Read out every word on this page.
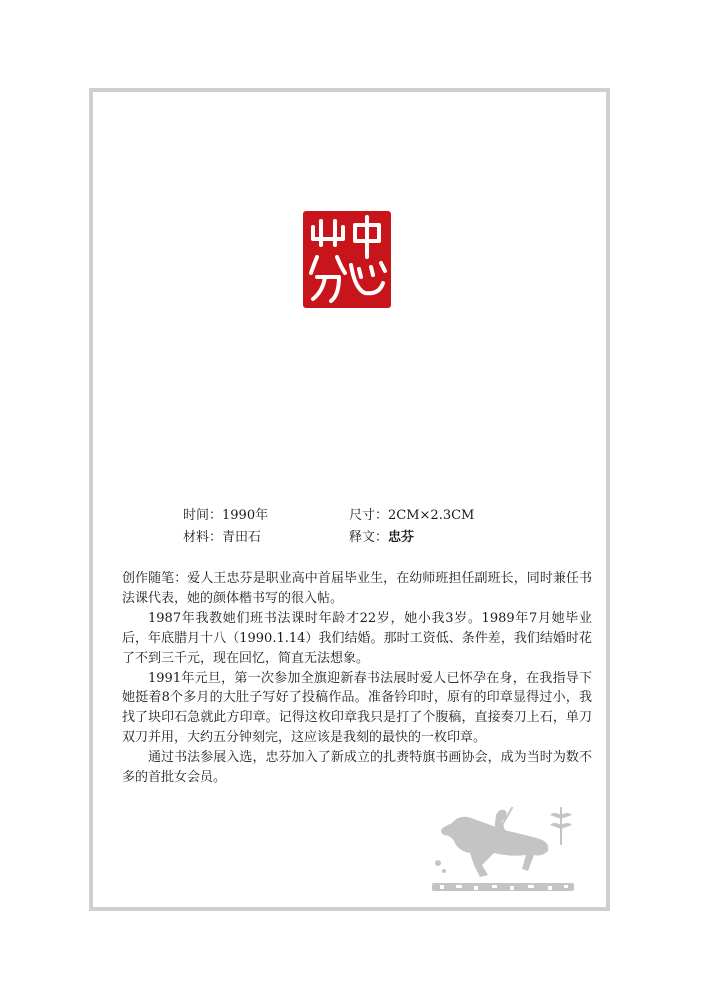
时间：1990年	尺寸：2CM×2.3CM
材料：青田石	释文：忠芬

创作随笔：爱人王忠芬是职业高中首届毕业生，在幼师班担任副班长，同时兼任书法课代表，她的颜体楷书写的很入帖。

1987年我教她们班书法课时年龄才22岁，她小我3岁。1989年7月她毕业后，年底腊月十八（1990.1.14）我们结婚。那时工资低、条件差，我们结婚时花了不到三千元，现在回忆，简直无法想象。

1991年元旦，第一次参加全旗迎新春书法展时爱人已怀孕在身，在我指导下她挺着8个多月的大肚子写好了投稿作品。准备钤印时，原有的印章显得过小，我找了块印石急就此方印章。记得这枚印章我只是打了个腹稿，直接奏刀上石，单刀双刀并用，大约五分钟刻完，这应该是我刻的最快的一枚印章。

通过书法参展入选，忠芬加入了新成立的扎赉特旗书画协会，成为当时为数不多的首批女会员。
